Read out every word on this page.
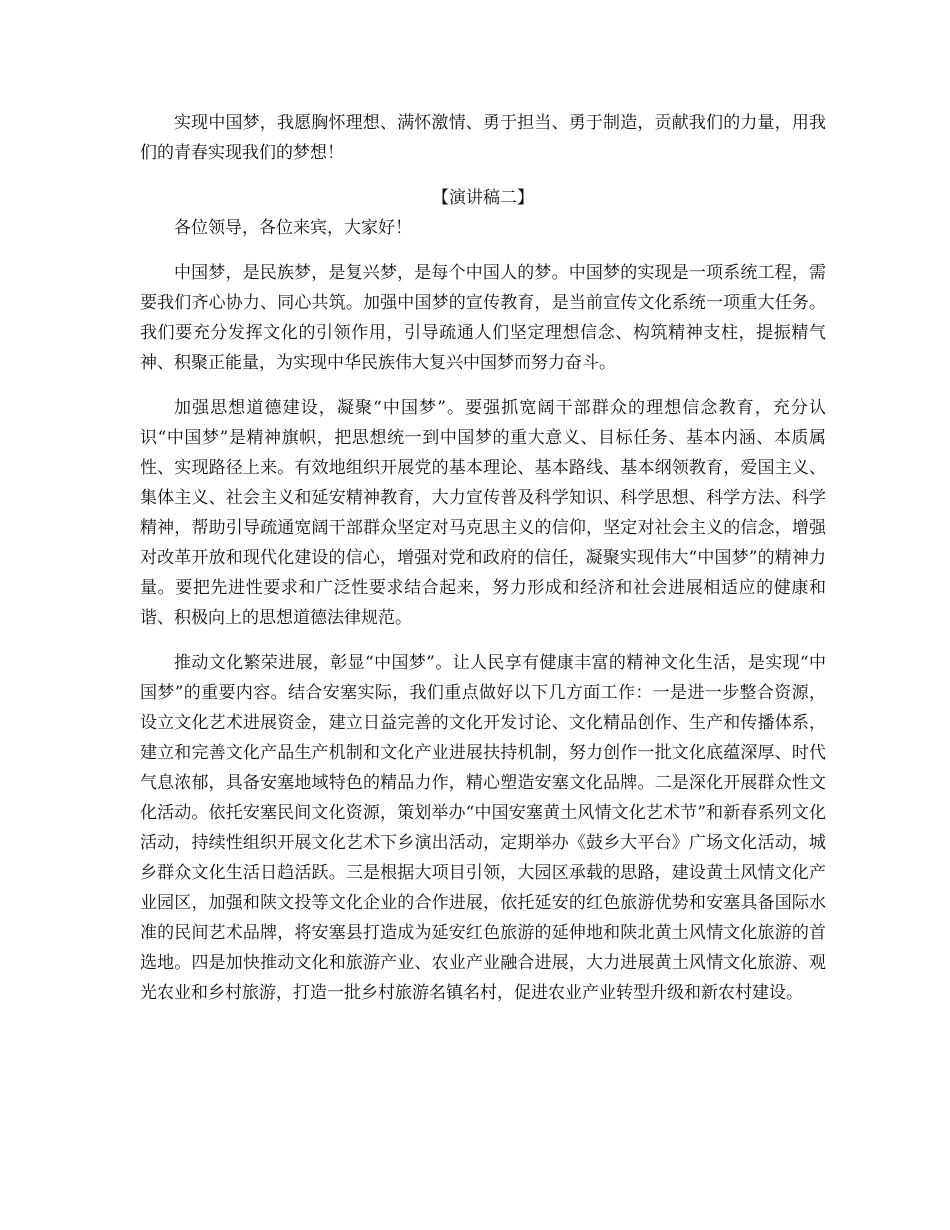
实现中国梦，我愿胸怀理想、满怀激情、勇于担当、勇于制造，贡献我们的力量，用我们的青春实现我们的梦想！

【演讲稿二】

各位领导，各位来宾，大家好！

中国梦，是民族梦，是复兴梦，是每个中国人的梦。中国梦的实现是一项系统工程，需要我们齐心协力、同心共筑。加强中国梦的宣传教育，是当前宣传文化系统一项重大任务。我们要充分发挥文化的引领作用，引导疏通人们坚定理想信念、构筑精神支柱，提振精气神、积聚正能量，为实现中华民族伟大复兴中国梦而努力奋斗。

加强思想道德建设，凝聚“中国梦”。要强抓宽阔干部群众的理想信念教育，充分认识“中国梦”是精神旗帜，把思想统一到中国梦的重大意义、目标任务、基本内涵、本质属性、实现路径上来。有效地组织开展党的基本理论、基本路线、基本纲领教育，爱国主义、集体主义、社会主义和延安精神教育，大力宣传普及科学知识、科学思想、科学方法、科学精神，帮助引导疏通宽阔干部群众坚定对马克思主义的信仰，坚定对社会主义的信念，增强对改革开放和现代化建设的信心，增强对党和政府的信任，凝聚实现伟大“中国梦”的精神力量。要把先进性要求和广泛性要求结合起来，努力形成和经济和社会进展相适应的健康和谐、积极向上的思想道德法律规范。

推动文化繁荣进展，彰显“中国梦”。让人民享有健康丰富的精神文化生活，是实现“中国梦”的重要内容。结合安塞实际，我们重点做好以下几方面工作：一是进一步整合资源，设立文化艺术进展资金，建立日益完善的文化开发讨论、文化精品创作、生产和传播体系，建立和完善文化产品生产机制和文化产业进展扶持机制，努力创作一批文化底蕴深厚、时代气息浓郁，具备安塞地域特色的精品力作，精心塑造安塞文化品牌。二是深化开展群众性文化活动。依托安塞民间文化资源，策划举办“中国安塞黄土风情文化艺术节”和新春系列文化活动，持续性组织开展文化艺术下乡演出活动，定期举办《鼓乡大平台》广场文化活动，城乡群众文化生活日趋活跃。三是根据大项目引领，大园区承载的思路，建设黄土风情文化产业园区，加强和陕文投等文化企业的合作进展，依托延安的红色旅游优势和安塞具备国际水准的民间艺术品牌，将安塞县打造成为延安红色旅游的延伸地和陕北黄土风情文化旅游的首选地。四是加快推动文化和旅游产业、农业产业融合进展，大力进展黄土风情文化旅游、观光农业和乡村旅游，打造一批乡村旅游名镇名村，促进农业产业转型升级和新农村建设。
